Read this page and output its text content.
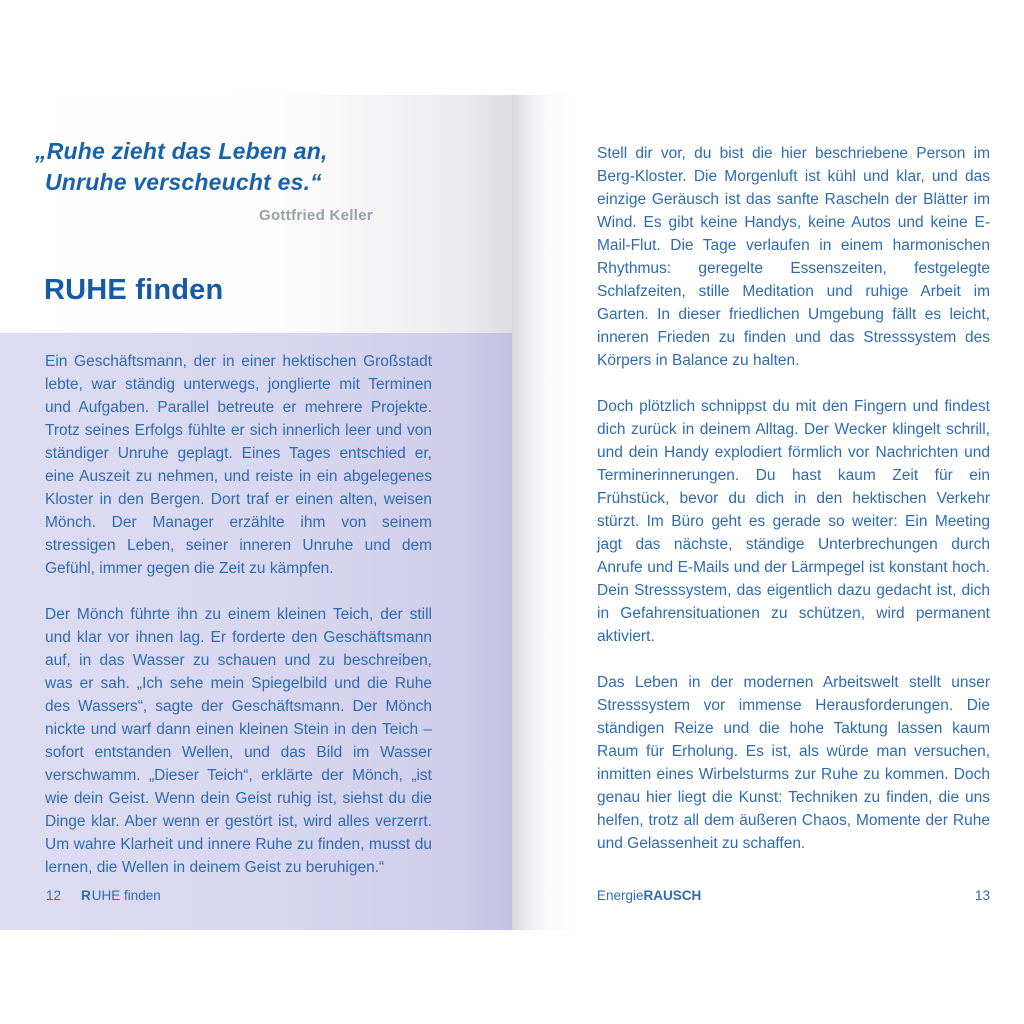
„Ruhe zieht das Leben an,
Unruhe verscheucht es.“
Gottfried Keller
RUHE finden

Ein Geschäftsmann, der in einer hektischen Großstadt lebte, war ständig unterwegs, jonglierte mit Terminen und Aufgaben. Parallel betreute er mehrere Projekte. Trotz seines Erfolgs fühlte er sich innerlich leer und von ständiger Unruhe geplagt. Eines Tages entschied er, eine Auszeit zu nehmen, und reiste in ein abgelegenes Kloster in den Bergen. Dort traf er einen alten, weisen Mönch. Der Manager erzählte ihm von seinem stressigen Leben, seiner inneren Unruhe und dem Gefühl, immer gegen die Zeit zu kämpfen.

Der Mönch führte ihn zu einem kleinen Teich, der still und klar vor ihnen lag. Er forderte den Geschäftsmann auf, in das Wasser zu schauen und zu beschreiben, was er sah. „Ich sehe mein Spiegelbild und die Ruhe des Wassers“, sagte der Geschäftsmann. Der Mönch nickte und warf dann einen kleinen Stein in den Teich – sofort entstanden Wellen, und das Bild im Wasser verschwamm. „Dieser Teich“, erklärte der Mönch, „ist wie dein Geist. Wenn dein Geist ruhig ist, siehst du die Dinge klar. Aber wenn er gestört ist, wird alles verzerrt. Um wahre Klarheit und innere Ruhe zu finden, musst du lernen, die Wellen in deinem Geist zu beruhigen.“

Stell dir vor, du bist die hier beschriebene Person im Berg-Kloster. Die Morgenluft ist kühl und klar, und das einzige Geräusch ist das sanfte Rascheln der Blätter im Wind. Es gibt keine Handys, keine Autos und keine E-Mail-Flut. Die Tage verlaufen in einem harmonischen Rhythmus: geregelte Essenszeiten, festgelegte Schlafzeiten, stille Meditation und ruhige Arbeit im Garten. In dieser friedlichen Umgebung fällt es leicht, inneren Frieden zu finden und das Stresssystem des Körpers in Balance zu halten.

Doch plötzlich schnippst du mit den Fingern und findest dich zurück in deinem Alltag. Der Wecker klingelt schrill, und dein Handy explodiert förmlich vor Nachrichten und Terminerinnerungen. Du hast kaum Zeit für ein Frühstück, bevor du dich in den hektischen Verkehr stürzt. Im Büro geht es gerade so weiter: Ein Meeting jagt das nächste, ständige Unterbrechungen durch Anrufe und E-Mails und der Lärmpegel ist konstant hoch. Dein Stresssystem, das eigentlich dazu gedacht ist, dich in Gefahrensituationen zu schützen, wird permanent aktiviert.

Das Leben in der modernen Arbeitswelt stellt unser Stresssystem vor immense Herausforderungen. Die ständigen Reize und die hohe Taktung lassen kaum Raum für Erholung. Es ist, als würde man versuchen, inmitten eines Wirbelsturms zur Ruhe zu kommen. Doch genau hier liegt die Kunst: Techniken zu finden, die uns helfen, trotz all dem äußeren Chaos, Momente der Ruhe und Gelassenheit zu schaffen.

12 RUHE finden	EnergieRAUSCH	13
